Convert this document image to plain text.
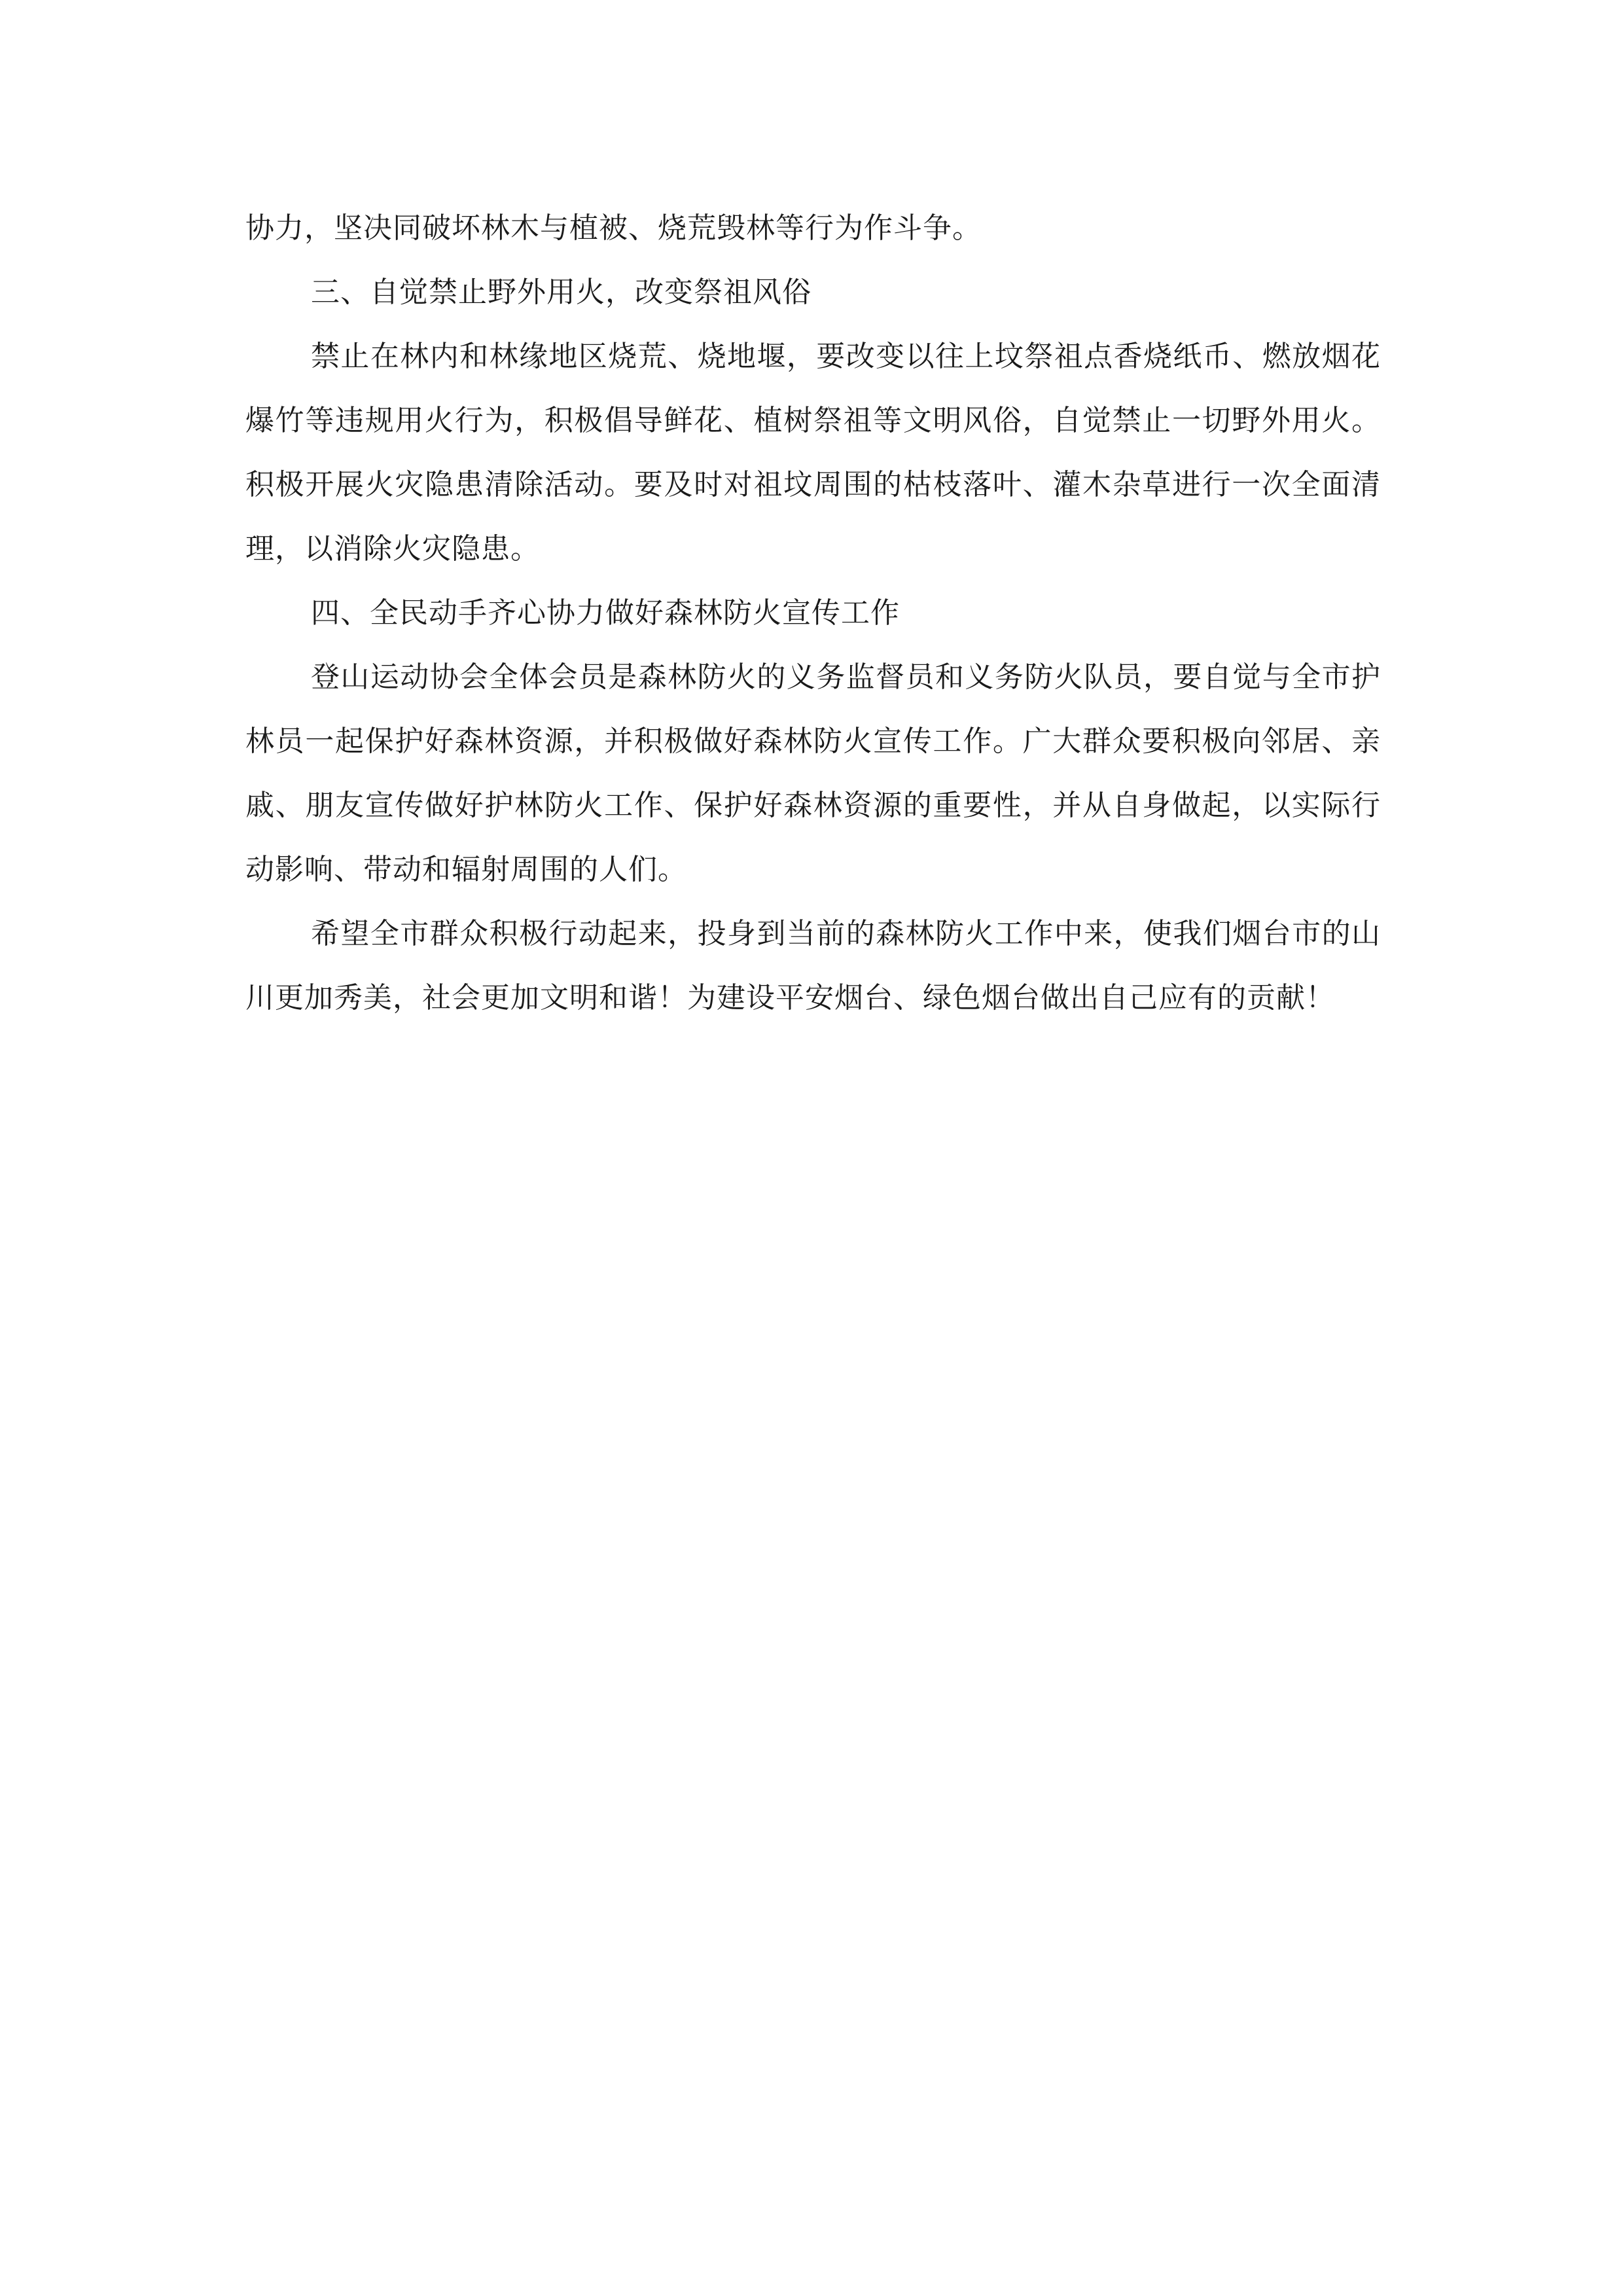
协力，坚决同破坏林木与植被、烧荒毁林等行为作斗争。

三、自觉禁止野外用火，改变祭祖风俗

禁止在林内和林缘地区烧荒、烧地堰，要改变以往上坟祭祖点香烧纸币、燃放烟花爆竹等违规用火行为，积极倡导鲜花、植树祭祖等文明风俗，自觉禁止一切野外用火。积极开展火灾隐患清除活动。要及时对祖坟周围的枯枝落叶、灌木杂草进行一次全面清理，以消除火灾隐患。

四、全民动手齐心协力做好森林防火宣传工作

登山运动协会全体会员是森林防火的义务监督员和义务防火队员，要自觉与全市护林员一起保护好森林资源，并积极做好森林防火宣传工作。广大群众要积极向邻居、亲戚、朋友宣传做好护林防火工作、保护好森林资源的重要性，并从自身做起，以实际行动影响、带动和辐射周围的人们。

希望全市群众积极行动起来，投身到当前的森林防火工作中来，使我们烟台市的山川更加秀美，社会更加文明和谐！为建设平安烟台、绿色烟台做出自己应有的贡献！
